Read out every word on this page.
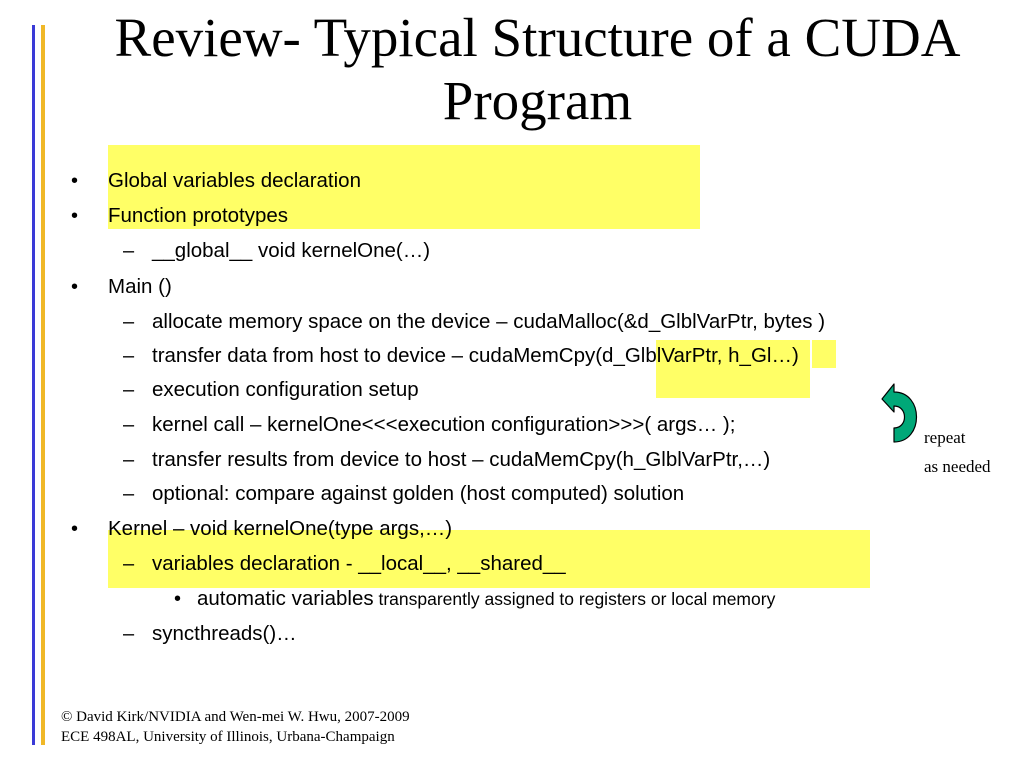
Review- Typical Structure of a CUDA
Program
• Global variables declaration
• Function prototypes
– __global__ void kernelOne(…)
• Main ()
– allocate memory space on the device – cudaMalloc(&d_GlblVarPtr, bytes )
– transfer data from host to device – cudaMemCpy(d_GlblVarPtr, h_Gl…)
– execution configuration setup
– kernel call – kernelOne<<<execution configuration>>>( args… );
– transfer results from device to host – cudaMemCpy(h_GlblVarPtr,…)
– optional: compare against golden (host computed) solution
• Kernel – void kernelOne(type args,…)
– variables declaration - __local__, __shared__
• automatic variables transparently assigned to registers or local memory
– syncthreads()…
repeat
as needed
© David Kirk/NVIDIA and Wen-mei W. Hwu, 2007-2009
ECE 498AL, University of Illinois, Urbana-Champaign
